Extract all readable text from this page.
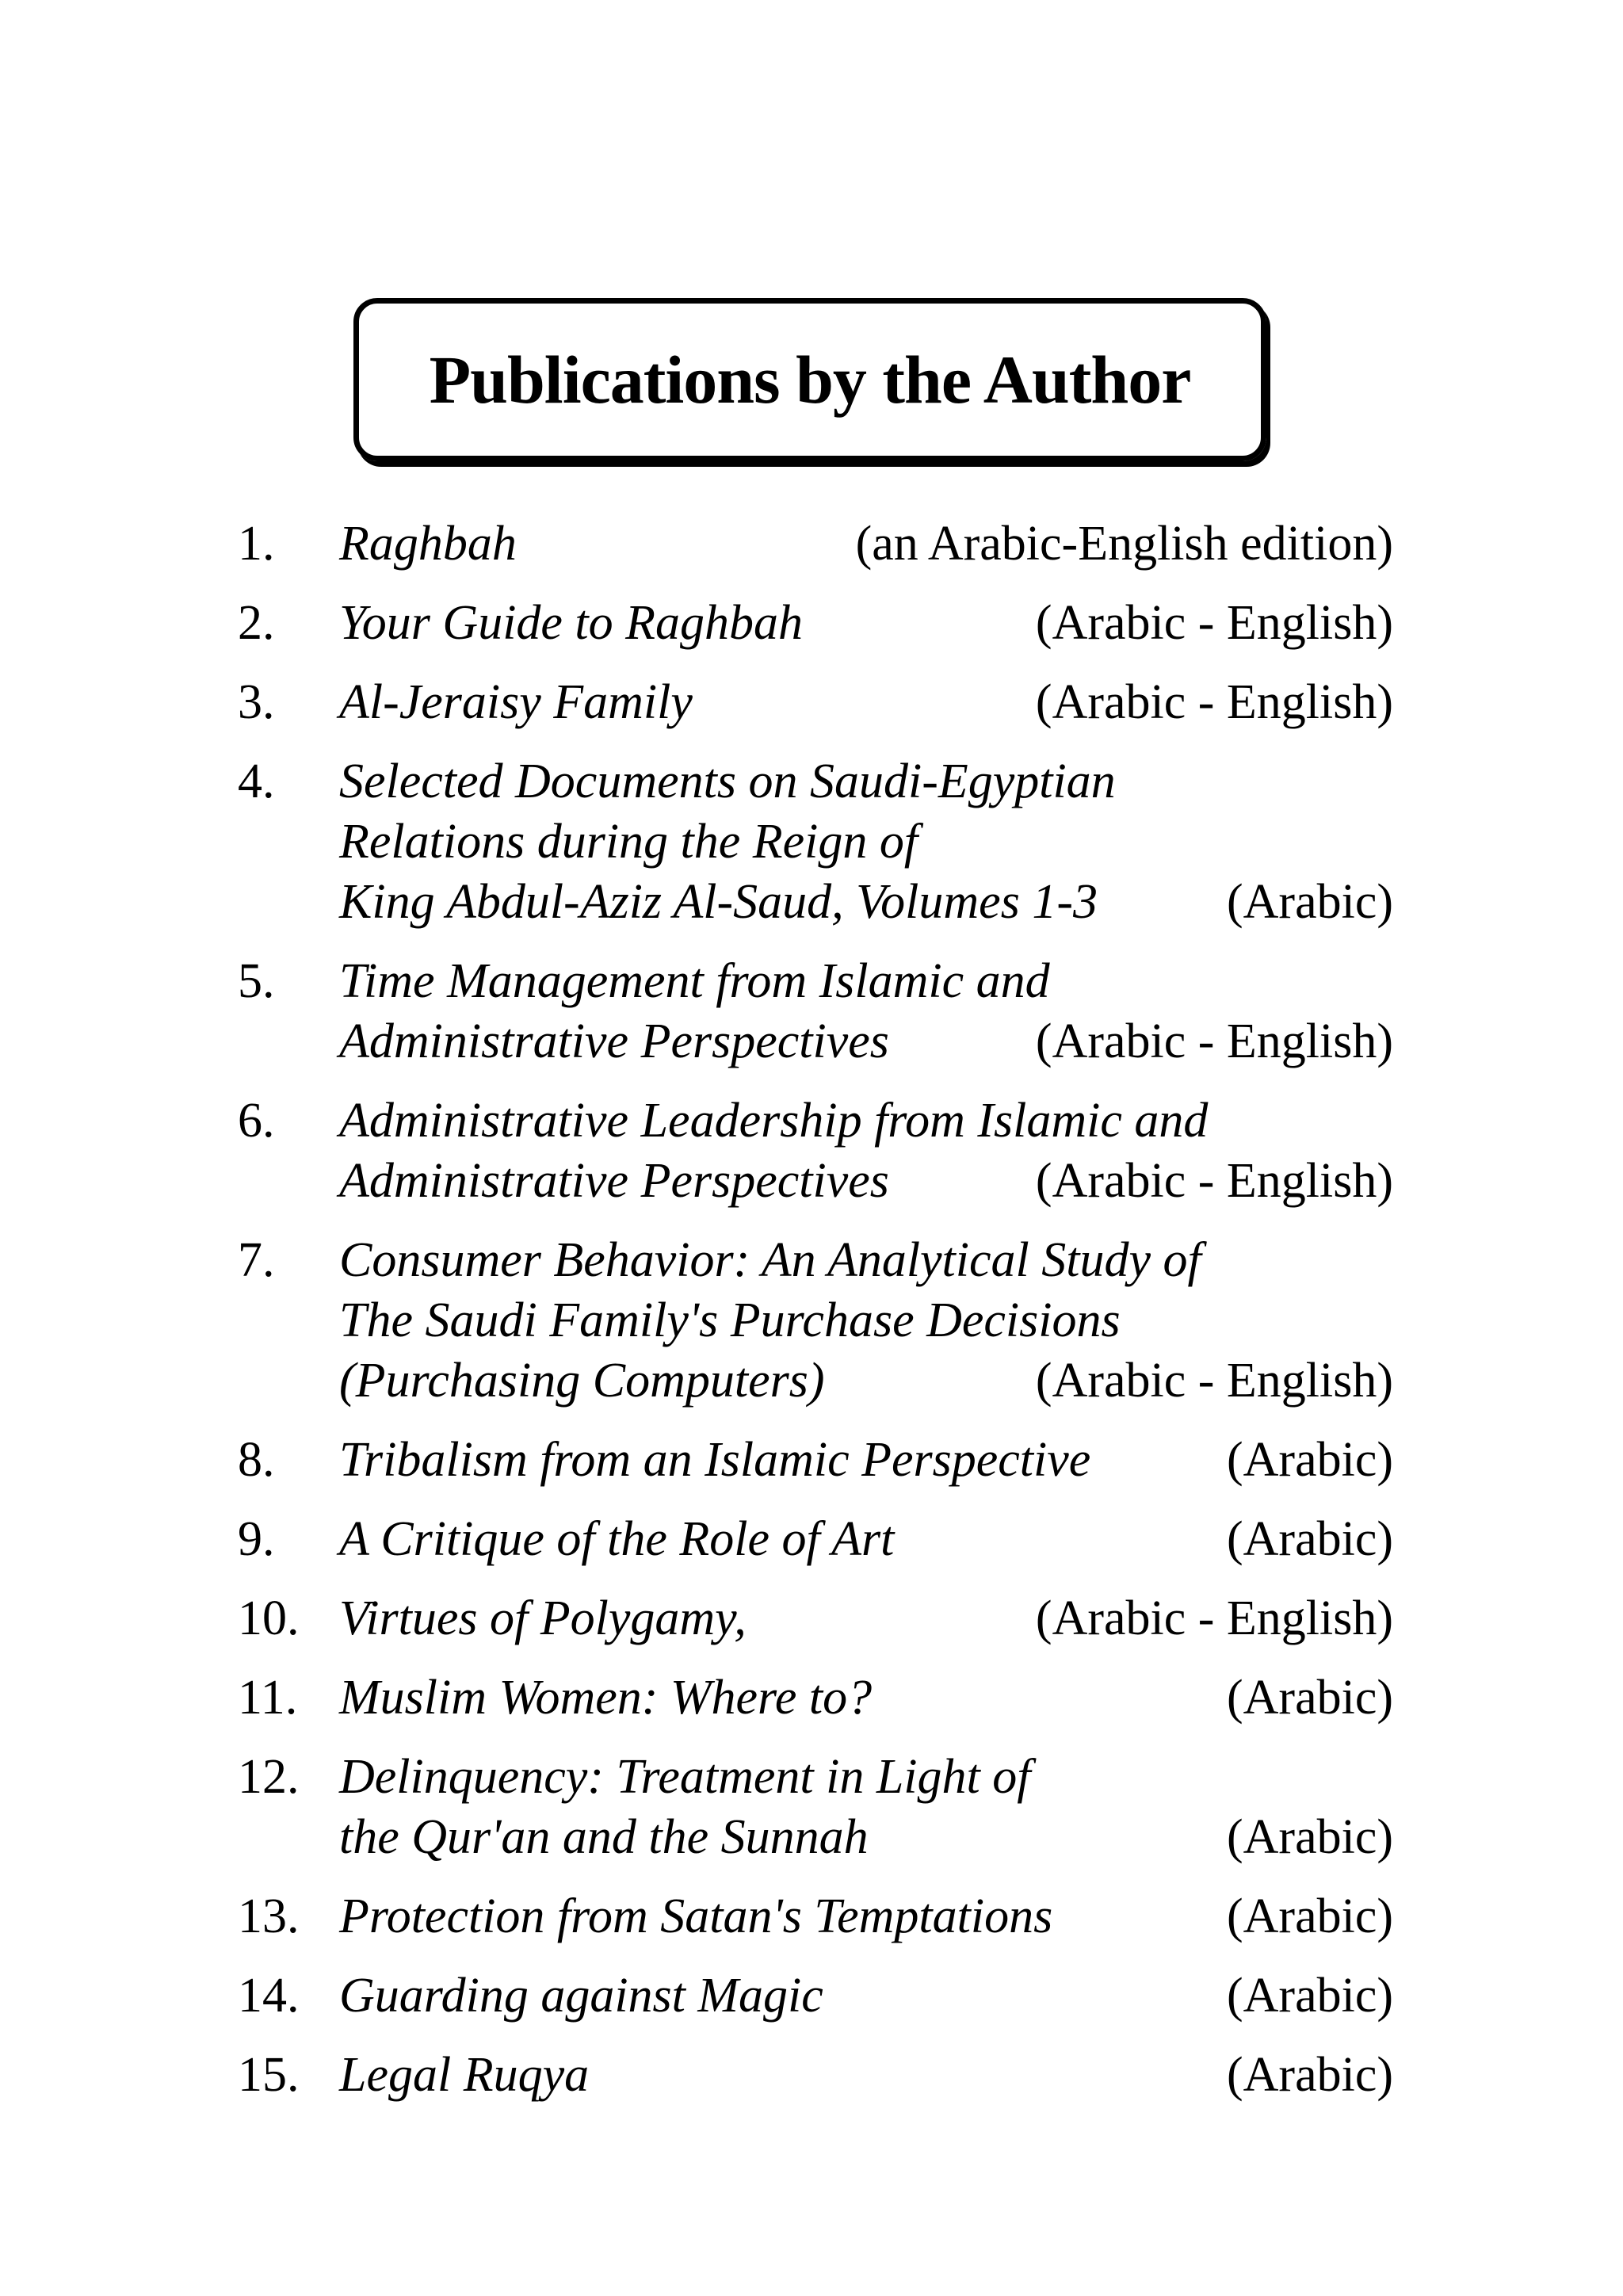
Publications by the Author
1.	Raghbah	(an Arabic-English edition)
2.	Your Guide to Raghbah	(Arabic - English)
3.	Al-Jeraisy Family	(Arabic - English)
4.	Selected Documents on Saudi-Egyptian
Relations during the Reign of
King Abdul-Aziz Al-Saud, Volumes 1-3	(Arabic)
5.	Time Management from Islamic and
Administrative Perspectives	(Arabic - English)
6.	Administrative Leadership from Islamic and
Administrative Perspectives	(Arabic - English)
7.	Consumer Behavior: An Analytical Study of
The Saudi Family's Purchase Decisions
(Purchasing Computers)	(Arabic - English)
8.	Tribalism from an Islamic Perspective	(Arabic)
9.	A Critique of the Role of Art	(Arabic)
10. Virtues of Polygamy,	(Arabic - English)
11. Muslim Women: Where to?	(Arabic)
12. Delinquency: Treatment in Light of
the Qur'an and the Sunnah	(Arabic)
13. Protection from Satan's Temptations	(Arabic)
14. Guarding against Magic	(Arabic)
15. Legal Ruqya	(Arabic)
